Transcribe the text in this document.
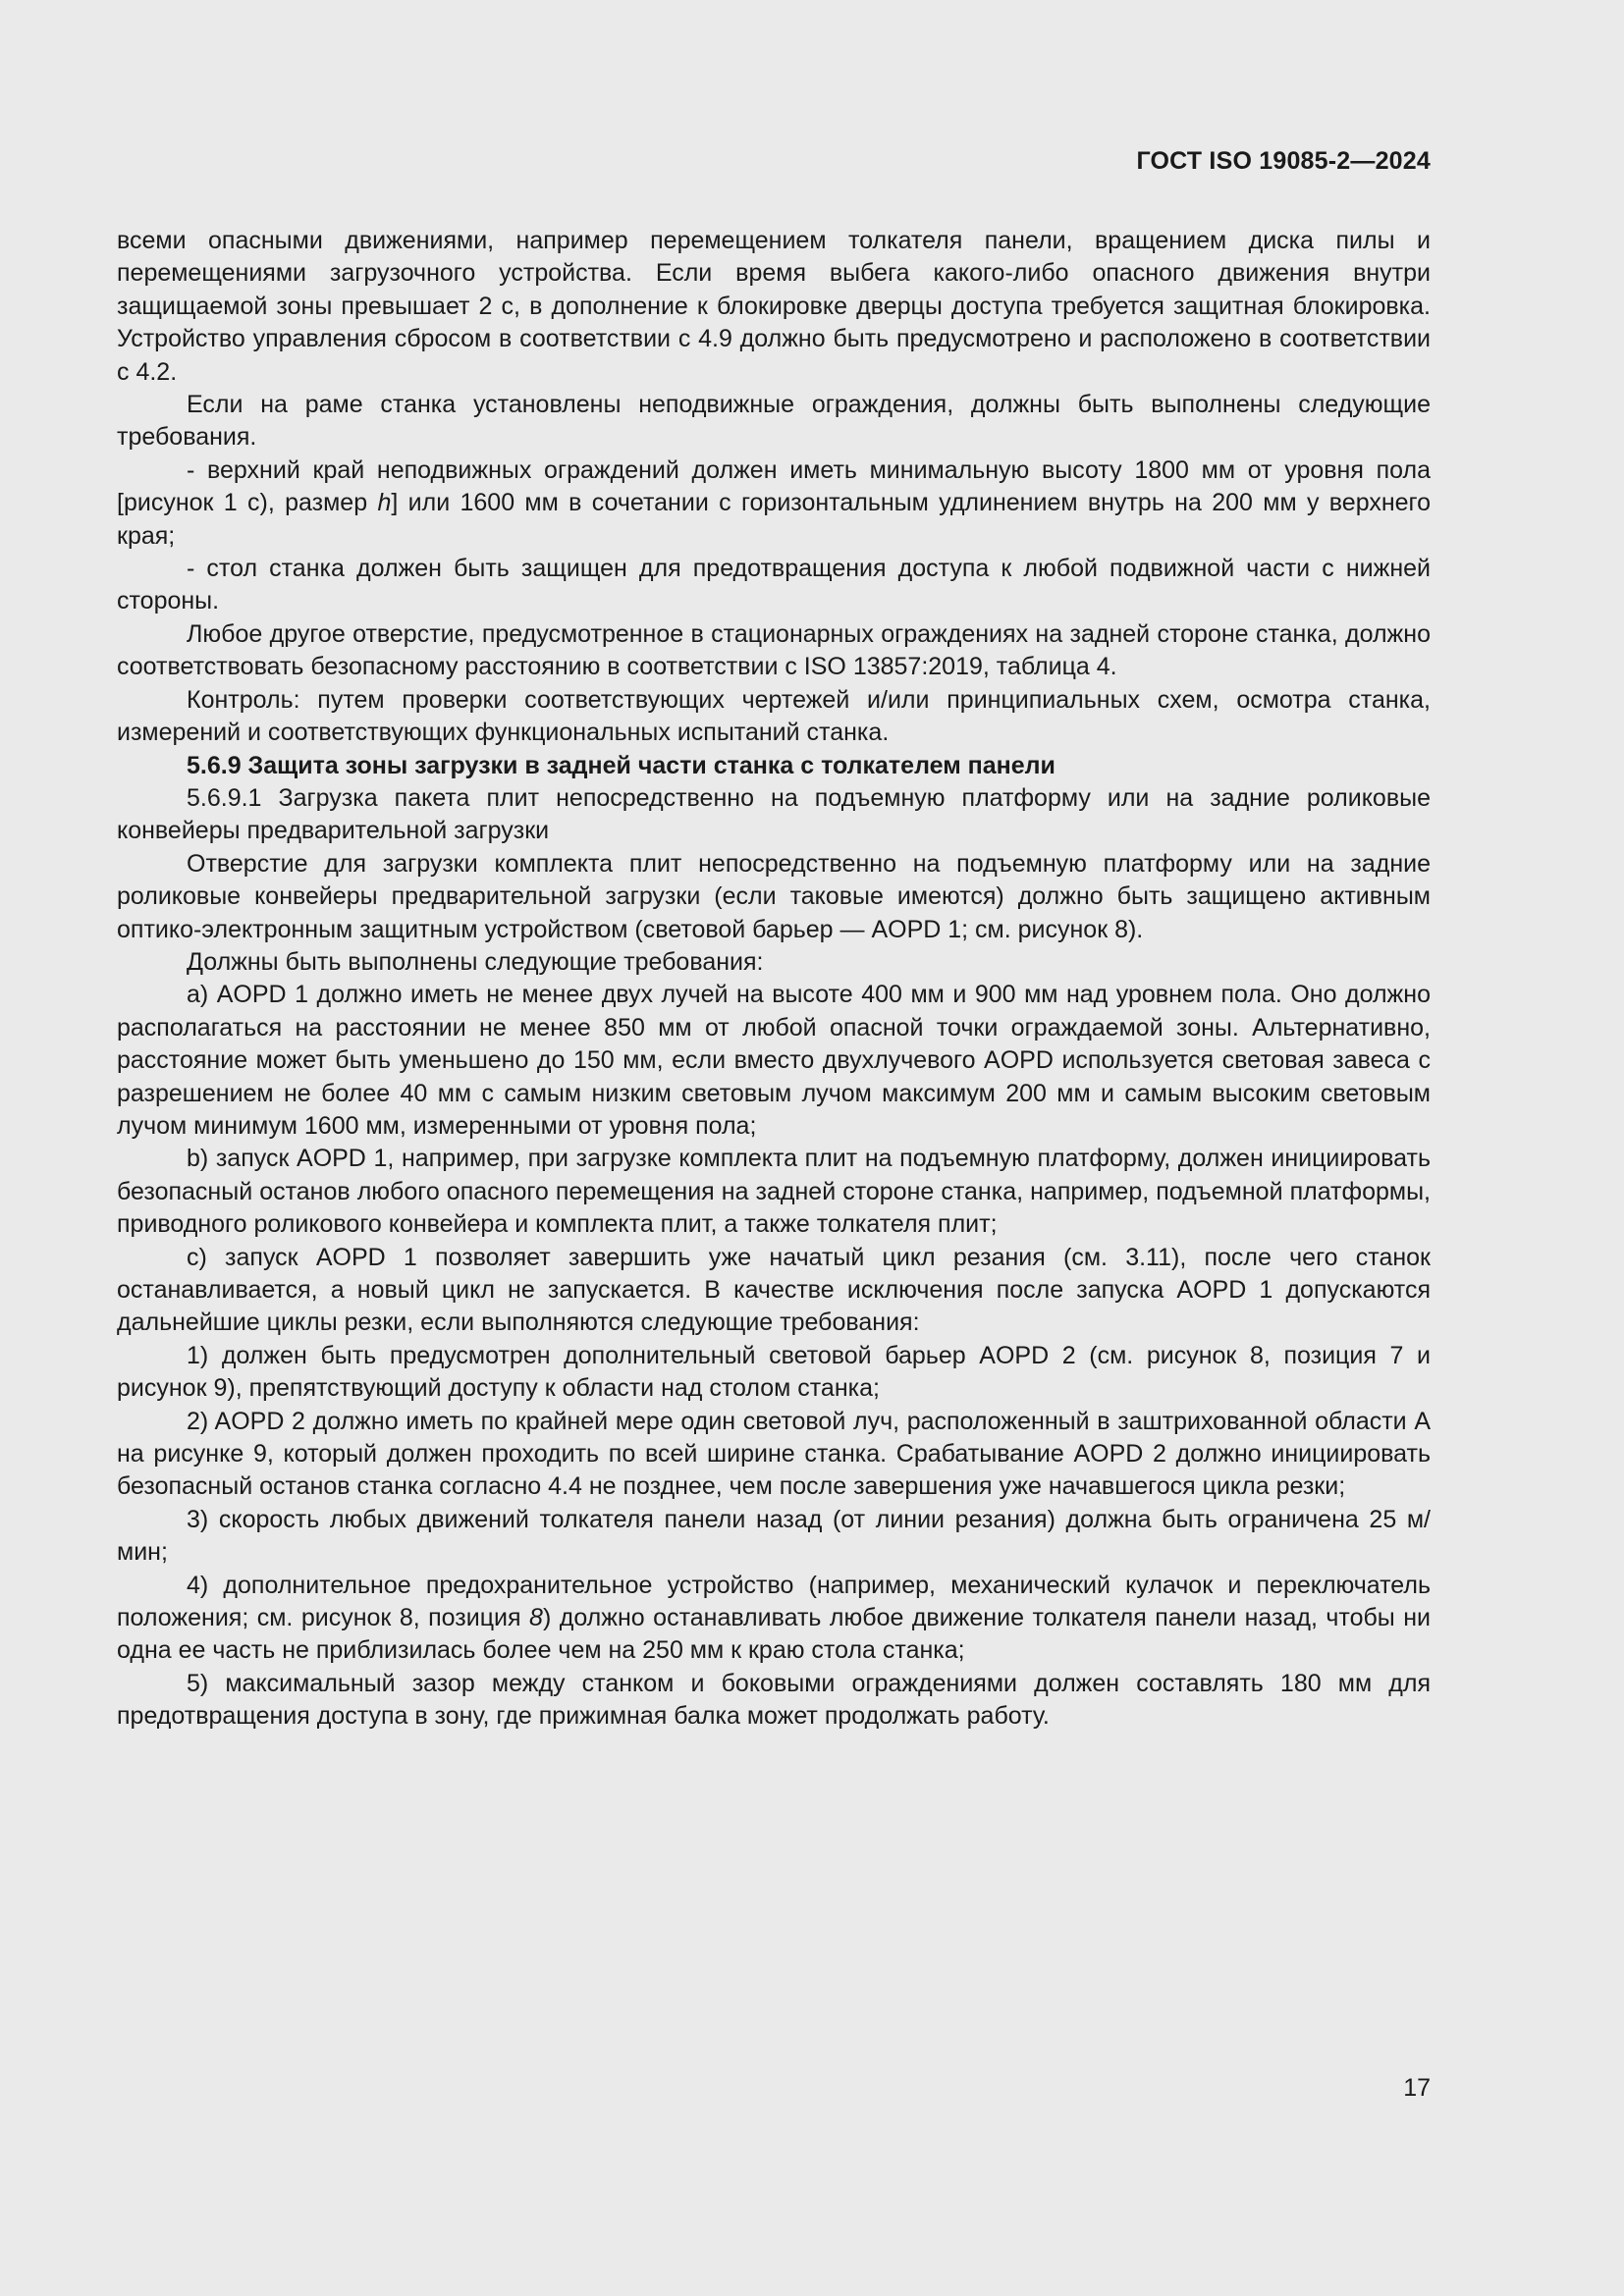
ГОСТ ISO 19085-2—2024

всеми опасными движениями, например перемещением толкателя панели, вращением диска пилы и перемещениями загрузочного устройства. Если время выбега какого-либо опасного движения внутри защищаемой зоны превышает 2 с, в дополнение к блокировке дверцы доступа требуется защитная блокировка. Устройство управления сбросом в соответствии с 4.9 должно быть предусмотрено и расположено в соответствии с 4.2.

Если на раме станка установлены неподвижные ограждения, должны быть выполнены следующие требования.

- верхний край неподвижных ограждений должен иметь минимальную высоту 1800 мм от уровня пола [рисунок 1 с), размер h] или 1600 мм в сочетании с горизонтальным удлинением внутрь на 200 мм у верхнего края;

- стол станка должен быть защищен для предотвращения доступа к любой подвижной части с нижней стороны.

Любое другое отверстие, предусмотренное в стационарных ограждениях на задней стороне станка, должно соответствовать безопасному расстоянию в соответствии с ISO 13857:2019, таблица 4.

Контроль: путем проверки соответствующих чертежей и/или принципиальных схем, осмотра станка, измерений и соответствующих функциональных испытаний станка.

5.6.9 Защита зоны загрузки в задней части станка с толкателем панели

5.6.9.1 Загрузка пакета плит непосредственно на подъемную платформу или на задние роликовые конвейеры предварительной загрузки

Отверстие для загрузки комплекта плит непосредственно на подъемную платформу или на задние роликовые конвейеры предварительной загрузки (если таковые имеются) должно быть защищено активным оптико-электронным защитным устройством (световой барьер — AOPD 1; см. рисунок 8).

Должны быть выполнены следующие требования:

а) AOPD 1 должно иметь не менее двух лучей на высоте 400 мм и 900 мм над уровнем пола. Оно должно располагаться на расстоянии не менее 850 мм от любой опасной точки ограждаемой зоны. Альтернативно, расстояние может быть уменьшено до 150 мм, если вместо двухлучевого AOPD используется световая завеса с разрешением не более 40 мм с самым низким световым лучом максимум 200 мм и самым высоким световым лучом минимум 1600 мм, измеренными от уровня пола;

b) запуск AOPD 1, например, при загрузке комплекта плит на подъемную платформу, должен инициировать безопасный останов любого опасного перемещения на задней стороне станка, например, подъемной платформы, приводного роликового конвейера и комплекта плит, а также толкателя плит;

c) запуск AOPD 1 позволяет завершить уже начатый цикл резания (см. 3.11), после чего станок останавливается, а новый цикл не запускается. В качестве исключения после запуска AOPD 1 допускаются дальнейшие циклы резки, если выполняются следующие требования:

1) должен быть предусмотрен дополнительный световой барьер AOPD 2 (см. рисунок 8, позиция 7 и рисунок 9), препятствующий доступу к области над столом станка;

2) AOPD 2 должно иметь по крайней мере один световой луч, расположенный в заштрихованной области А на рисунке 9, который должен проходить по всей ширине станка. Срабатывание AOPD 2 должно инициировать безопасный останов станка согласно 4.4 не позднее, чем после завершения уже начавшегося цикла резки;

3) скорость любых движений толкателя панели назад (от линии резания) должна быть ограничена 25 м/мин;

4) дополнительное предохранительное устройство (например, механический кулачок и переключатель положения; см. рисунок 8, позиция 8) должно останавливать любое движение толкателя панели назад, чтобы ни одна ее часть не приблизилась более чем на 250 мм к краю стола станка;

5) максимальный зазор между станком и боковыми ограждениями должен составлять 180 мм для предотвращения доступа в зону, где прижимная балка может продолжать работу.

17
